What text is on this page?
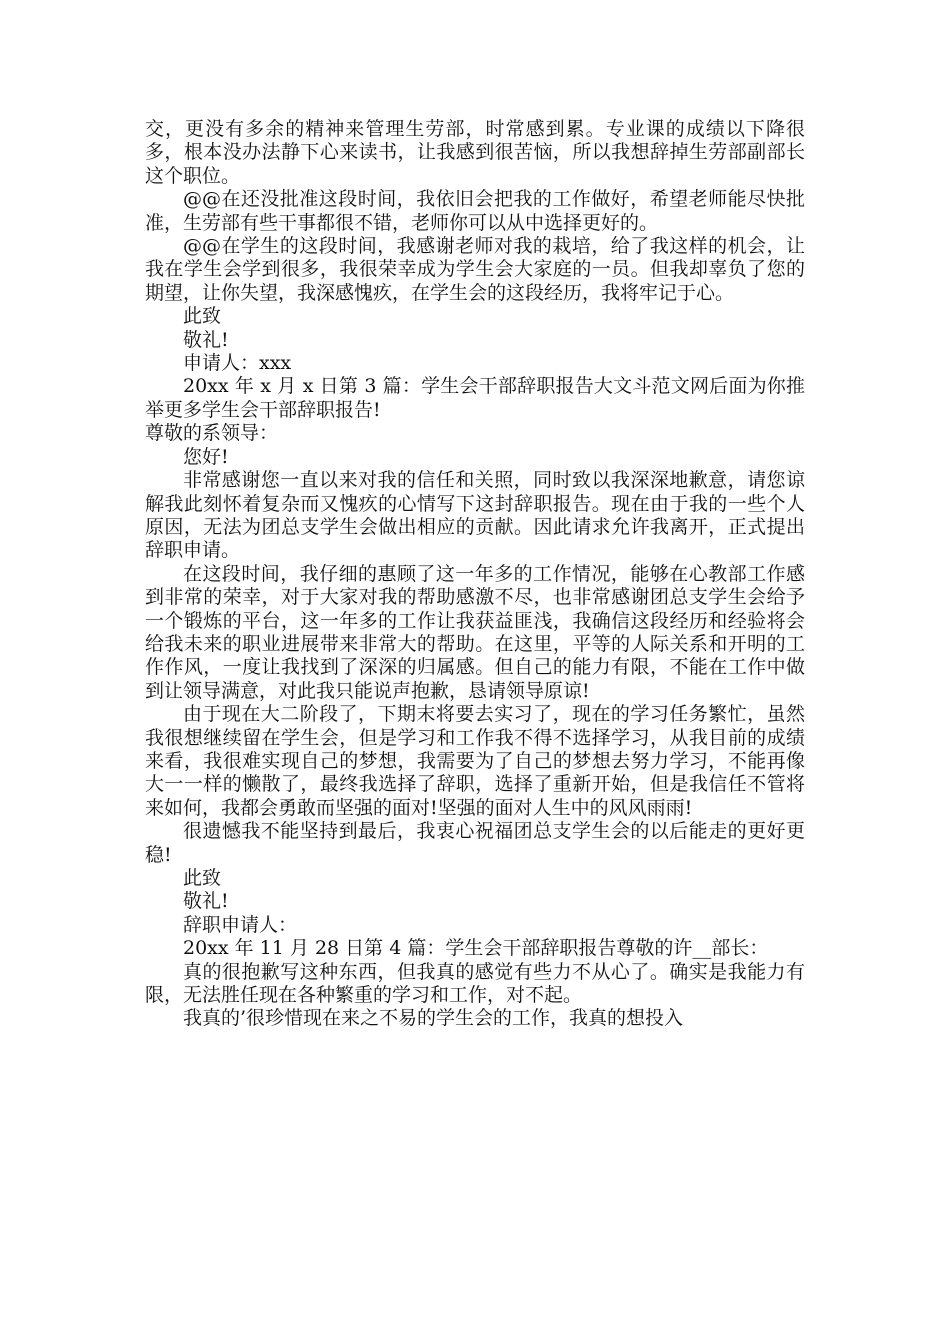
交，更没有多余的精神来管理生劳部，时常感到累。专业课的成绩以下降很多，根本没办法静下心来读书，让我感到很苦恼，所以我想辞掉生劳部副部长这个职位。

@@在还没批准这段时间，我依旧会把我的工作做好，希望老师能尽快批准，生劳部有些干事都很不错，老师你可以从中选择更好的。

@@在学生的这段时间，我感谢老师对我的栽培，给了我这样的机会，让我在学生会学到很多，我很荣幸成为学生会大家庭的一员。但我却辜负了您的期望，让你失望，我深感愧疚，在学生会的这段经历，我将牢记于心。

此致

敬礼!

申请人：xxx

20xx 年 x 月 x 日第 3 篇：学生会干部辞职报告大文斗范文网后面为你推举更多学生会干部辞职报告!

尊敬的系领导：

您好!

非常感谢您一直以来对我的信任和关照，同时致以我深深地歉意，请您谅解我此刻怀着复杂而又愧疚的心情写下这封辞职报告。现在由于我的一些个人原因，无法为团总支学生会做出相应的贡献。因此请求允许我离开，正式提出辞职申请。

在这段时间，我仔细的惠顾了这一年多的工作情况，能够在心教部工作感到非常的荣幸，对于大家对我的帮助感激不尽，也非常感谢团总支学生会给予一个锻炼的平台，这一年多的工作让我获益匪浅，我确信这段经历和经验将会给我未来的职业进展带来非常大的帮助。在这里，平等的人际关系和开明的工作作风，一度让我找到了深深的归属感。但自己的能力有限，不能在工作中做到让领导满意，对此我只能说声抱歉，恳请领导原谅!

由于现在大二阶段了，下期末将要去实习了，现在的学习任务繁忙，虽然我很想继续留在学生会，但是学习和工作我不得不选择学习，从我目前的成绩来看，我很难实现自己的梦想，我需要为了自己的梦想去努力学习，不能再像大一一样的懒散了，最终我选择了辞职，选择了重新开始，但是我信任不管将来如何，我都会勇敢而坚强的面对!坚强的面对人生中的风风雨雨!

很遗憾我不能坚持到最后，我衷心祝福团总支学生会的以后能走的更好更稳!

此致

敬礼!

辞职申请人：

20xx 年 11 月 28 日第 4 篇：学生会干部辞职报告尊敬的许__部长：

真的很抱歉写这种东西，但我真的感觉有些力不从心了。确实是我能力有限，无法胜任现在各种繁重的学习和工作，对不起。

我真的’很珍惜现在来之不易的学生会的工作，我真的想投入
